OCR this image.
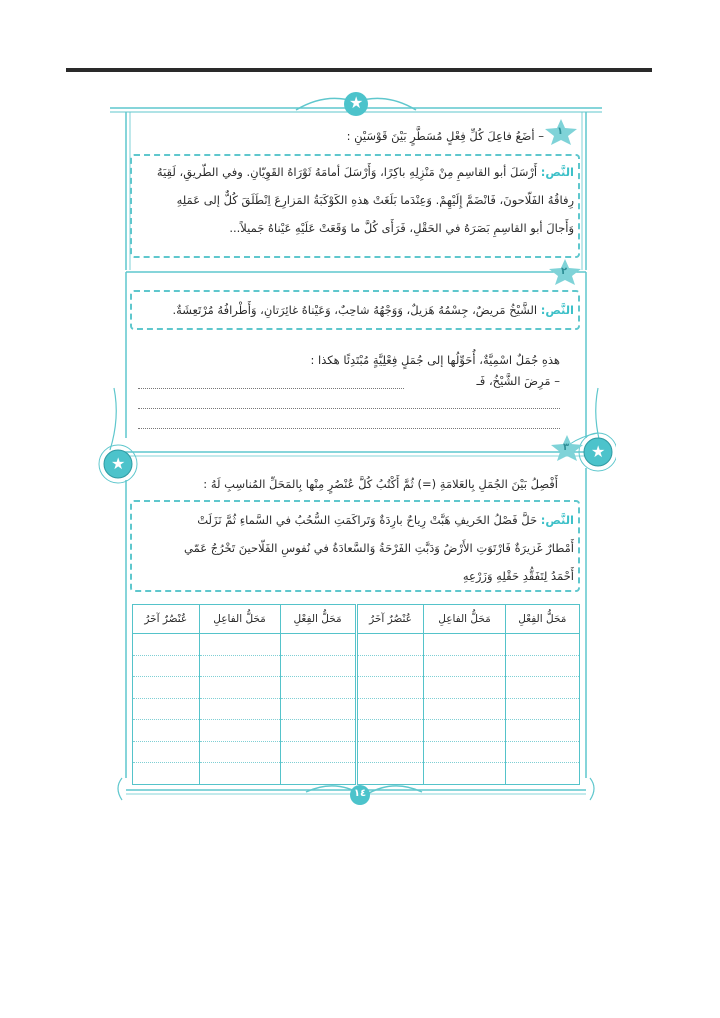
★
★
★
١
– أضَعُ فاعِلَ كُلِّ فِعْلٍ مُسَطَّرٍ بَيْنَ قَوْسَيْنِ :
النَّص: أَرْسَلَ أبو القاسِمِ مِنْ مَنْزِلِهِ باكِرًا، وَأَرْسَلَ أمامَهُ ثَوْرَاهُ القَوِيّانِ. وفي الطّريقِ، لَقِيَهُ
رِفاقُهُ الفَلّاحونَ، فَانْضَمَّ إِلَيْهِمْ. وَعِنْدَما بَلَغَتْ هذهِ الكَوْكَبَةُ المَزارِعَ اِنْطَلَقَ كُلٌّ إلى عَمَلِهِ
وَأَجالَ أبو القاسِمِ بَصَرَهُ في الحَقْلِ، فَرَأَى كُلَّ ما وَقَعَتْ عَلَيْهِ عَيْناهُ جَميلاً...
٢
النَّص: الشَّيْخُ مَريضٌ، جِسْمُهُ هَزيلٌ، وَوَجْهُهُ شاحِبٌ، وَعَيْناهُ غائِرَتانِ، وَأَطْرافُهُ مُرْتَعِشَةٌ.
هذهِ جُمَلٌ اسْمِيَّةٌ، أُحَوِّلُها إلى جُمَلٍ فِعْلِيَّةٍ مُبْتَدِئًا هكذا :
– مَرِضَ الشَّيْخُ، فَـ
٣
أَفْصِلُ بَيْنَ الجُمَلِ بِالعَلامَةِ (=) ثُمَّ أَكْتُبُ كُلَّ عُنْصُرٍ مِنْها بِالمَحَلِّ المُناسِبِ لَهُ :
النَّص: حَلَّ فَصْلُ الخَريفِ هَبَّتْ رِياحٌ بارِدَةٌ وَتَراكَمَتِ السُّحُبُ في السَّماءِ ثُمَّ نَزَلَتْ
أَمْطارٌ غَزيرَةٌ فَارْتَوَتِ الأَرْضُ وَدَبَّتِ الفَرْحَةُ وَالسَّعادَةُ في نُفوسِ الفَلّاحينَ تَخْرُجُ عَمّي
أَحْمَدُ لِتَفَقُّدِ حَقْلِهِ وَزَرْعِهِ
مَحَلُّ الفِعْلِ	مَحَلُّ الفاعِلِ	عُنْصُرٌ آخَرُ	مَحَلُّ الفِعْلِ	مَحَلُّ الفاعِلِ	عُنْصُرٌ آخَرُ

١٤
